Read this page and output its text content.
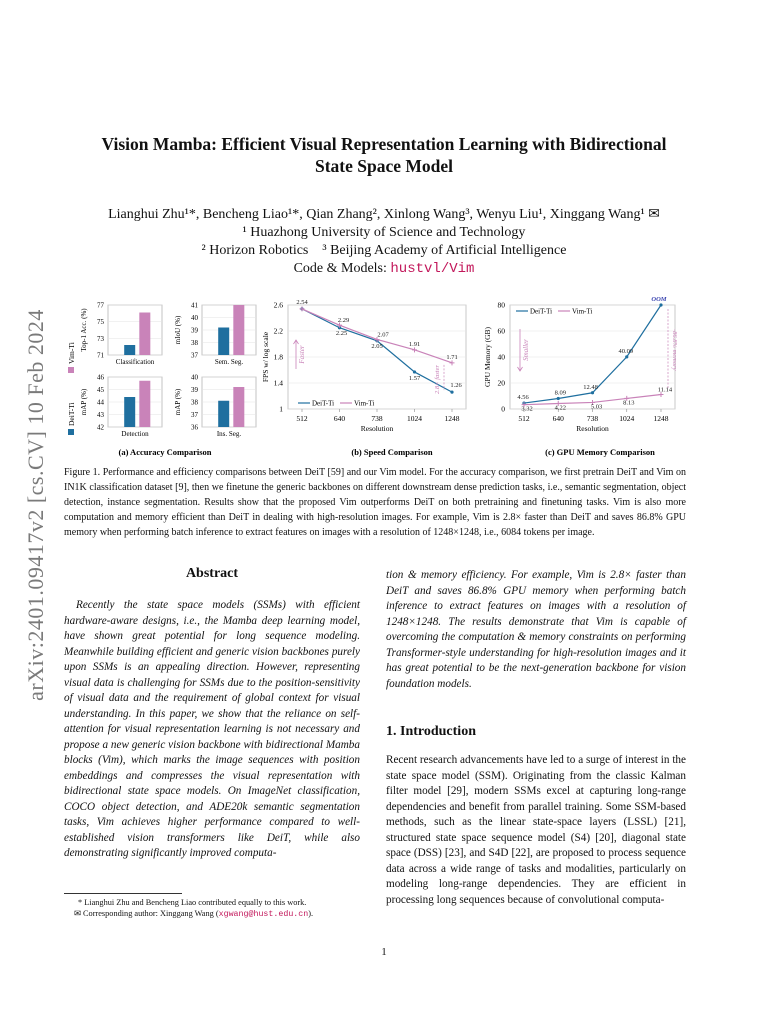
arXiv:2401.09417v2 [cs.CV] 10 Feb 2024
Vision Mamba: Efficient Visual Representation Learning with Bidirectional
State Space Model
Lianghui Zhu¹*, Bencheng Liao¹*, Qian Zhang², Xinlong Wang³, Wenyu Liu¹, Xinggang Wang¹ ✉
¹ Huazhong University of Science and Technology
² Horizon Robotics    ³ Beijing Academy of Artificial Intelligence
Code & Models: hustvl/Vim
Vim-Ti
DeiT-Ti
71
73
75
77
Classification
Top-1 Acc. (%)
37
38
39
40
41
Sem. Seg.
mIoU (%)
42
43
44
45
46
Detection
mAP (%)
36
37
38
39
40
Ins. Seg.
mAP (%)	1
1.4
1.8
2.2
2.6
512	640	738	1024	1248
Resolution
FPS w/ log scale
2.54
2.25
2.05
1.57
1.26
2.29
2.07
1.91
1.71
DeiT-Ti	Vim-Ti
Faster
2.8× faster
0
20
40
60
80
512	640	738	1024	1248
Resolution
GPU Memory (GB)
4.56
8.09
12.48
40.09
OOM
3.32	4.22	5.03
8.13
11.14
DeiT-Ti	Vim-Ti
Smaller	-86.8% memory
(a) Accuracy Comparison	(b) Speed Comparison	(c) GPU Memory Comparison
Figure 1. Performance and efficiency comparisons between DeiT [59] and our Vim model. For the accuracy comparison, we first pretrain DeiT and Vim on IN1K classification dataset [9], then we finetune the generic backbones on different downstream dense prediction tasks, i.e., semantic segmentation, object detection, instance segmentation. Results show that the proposed Vim outperforms DeiT on both pretraining and finetuning tasks. Vim is also more computation and memory efficient than DeiT in dealing with high-resolution images. For example, Vim is 2.8× faster than DeiT and saves 86.8% GPU memory when performing batch inference to extract features on images with a resolution of 1248×1248, i.e., 6084 tokens per image.
Abstract
Recently the state space models (SSMs) with efficient hardware-aware designs, i.e., the Mamba deep learning model, have shown great potential for long sequence modeling. Meanwhile building efficient and generic vision backbones purely upon SSMs is an appealing direction. However, representing visual data is challenging for SSMs due to the position-sensitivity of visual data and the requirement of global context for visual understanding. In this paper, we show that the reliance on self-attention for visual representation learning is not necessary and propose a new generic vision backbone with bidirectional Mamba blocks (Vim), which marks the image sequences with position embeddings and compresses the visual representation with bidirectional state space models. On ImageNet classification, COCO object detection, and ADE20k semantic segmentation tasks, Vim achieves higher performance compared to well-established vision transformers like DeiT, while also demonstrating significantly improved computa-
* Lianghui Zhu and Bencheng Liao contributed equally to this work.
✉ Corresponding author: Xinggang Wang (xgwang@hust.edu.cn).
tion & memory efficiency. For example, Vim is 2.8× faster than DeiT and saves 86.8% GPU memory when performing batch inference to extract features on images with a resolution of 1248×1248. The results demonstrate that Vim is capable of overcoming the computation & memory constraints on performing Transformer-style understanding for high-resolution images and it has great potential to be the next-generation backbone for vision foundation models.
1. Introduction
Recent research advancements have led to a surge of interest in the state space model (SSM). Originating from the classic Kalman filter model [29], modern SSMs excel at capturing long-range dependencies and benefit from parallel training. Some SSM-based methods, such as the linear state-space layers (LSSL) [21], structured state space sequence model (S4) [20], diagonal state space (DSS) [23], and S4D [22], are proposed to process sequence data across a wide range of tasks and modalities, particularly on modeling long-range dependencies. They are efficient in processing long sequences because of convolutional computa-
1
